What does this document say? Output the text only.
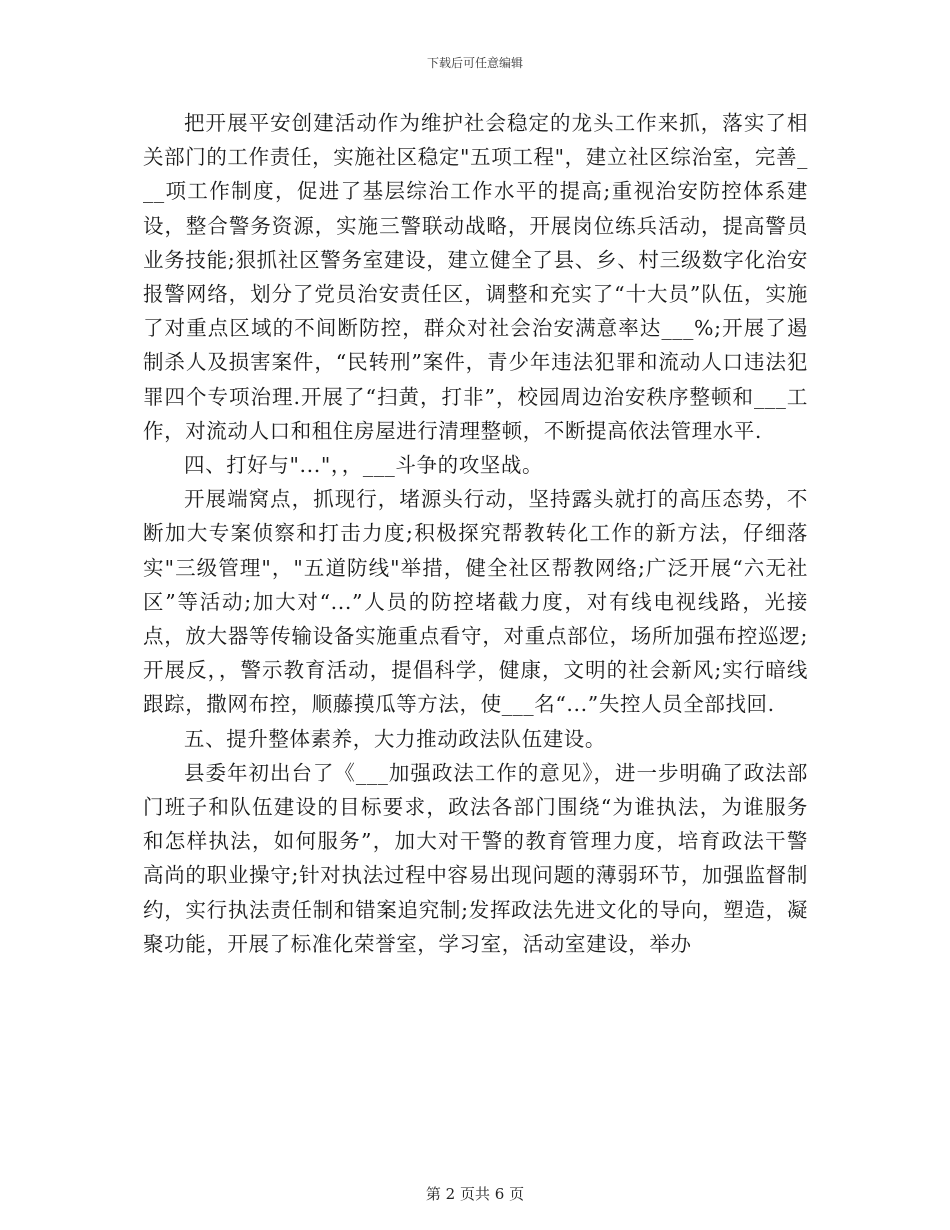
下载后可任意编辑

把开展平安创建活动作为维护社会稳定的龙头工作来抓，落实了相关部门的工作责任，实施社区稳定"五项工程"，建立社区综治室，完善___项工作制度，促进了基层综治工作水平的提高;重视治安防控体系建设，整合警务资源，实施三警联动战略，开展岗位练兵活动，提高警员业务技能;狠抓社区警务室建设，建立健全了县、乡、村三级数字化治安报警网络，划分了党员治安责任区，调整和充实了“十大员”队伍，实施了对重点区域的不间断防控，群众对社会治安满意率达___%;开展了遏制杀人及损害案件，“民转刑”案件，青少年违法犯罪和流动人口违法犯罪四个专项治理.开展了“扫黄，打非”，校园周边治安秩序整顿和___工作，对流动人口和租住房屋进行清理整顿，不断提高依法管理水平.

四、打好与"..."，，___斗争的攻坚战。

开展端窝点，抓现行，堵源头行动，坚持露头就打的高压态势，不断加大专案侦察和打击力度;积极探究帮教转化工作的新方法，仔细落实"三级管理"，"五道防线"举措，健全社区帮教网络;广泛开展“六无社区”等活动;加大对“...”人员的防控堵截力度，对有线电视线路，光接点，放大器等传输设备实施重点看守，对重点部位，场所加强布控巡逻;开展反，，警示教育活动，提倡科学，健康，文明的社会新风;实行暗线跟踪，撒网布控，顺藤摸瓜等方法，使___名“...”失控人员全部找回.

五、提升整体素养，大力推动政法队伍建设。

县委年初出台了《___加强政法工作的意见》，进一步明确了政法部门班子和队伍建设的目标要求，政法各部门围绕“为谁执法，为谁服务和怎样执法，如何服务”，加大对干警的教育管理力度，培育政法干警高尚的职业操守;针对执法过程中容易出现问题的薄弱环节，加强监督制约，实行执法责任制和错案追究制;发挥政法先进文化的导向，塑造，凝聚功能，开展了标准化荣誉室，学习室，活动室建设，举办

第 2 页共 6 页
